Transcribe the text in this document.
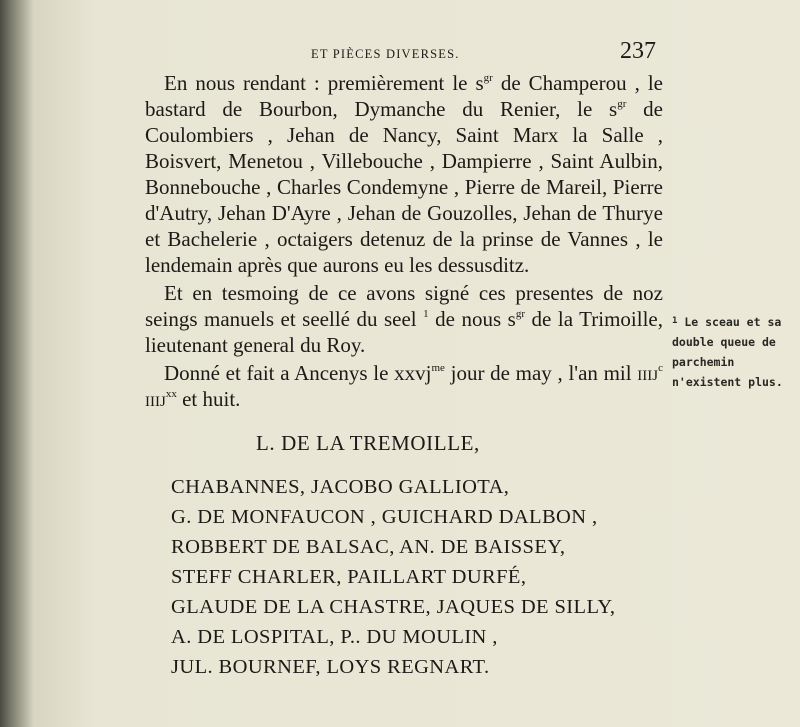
ET PIÈCES DIVERSES.	237

En nous rendant : premièrement le $s^{gr}$ de Champerou , le bastard de Bourbon, Dymanche du Renier, le $s^{gr}$ de Coulombiers , Jehan de Nancy, Saint Marx la Salle , Boisvert, Menetou , Villebouche , Dampierre , Saint Aulbin, Bonnebouche , Charles Condemyne , Pierre de Mareil, Pierre d'Autry, Jehan D'Ayre , Jehan de Gouzolles, Jehan de Thurye et Bachelerie , octaigers detenuz de la prinse de Vannes , le lendemain après que aurons eu les dessusditz.

Et en tesmoing de ce avons signé ces presentes de noz seings manuels et seellé du seel $^1$ de nous $s^{gr}$ de la Trimoille, lieutenant general du Roy.

Donné et fait a Ancenys le xxvj$^{me}$ jour de may , l'an mil iiij$^c$ iiij$^{xx}$ et huit.

$^1$ Le sceau et sa double queue de parchemin n'existent plus.
L. DE LA TREMOILLE,
CHABANNES, JACOBO GALLIOTA,
G. DE MONFAUCON , GUICHARD DALBON ,
ROBBERT DE BALSAC, AN. DE BAISSEY,
STEFF CHARLER, PAILLART DURFÉ,
GLAUDE DE LA CHASTRE, JAQUES DE SILLY,
A. DE LOSPITAL, P.. DU MOULIN ,
JUL. BOURNEF, LOYS REGNART.
